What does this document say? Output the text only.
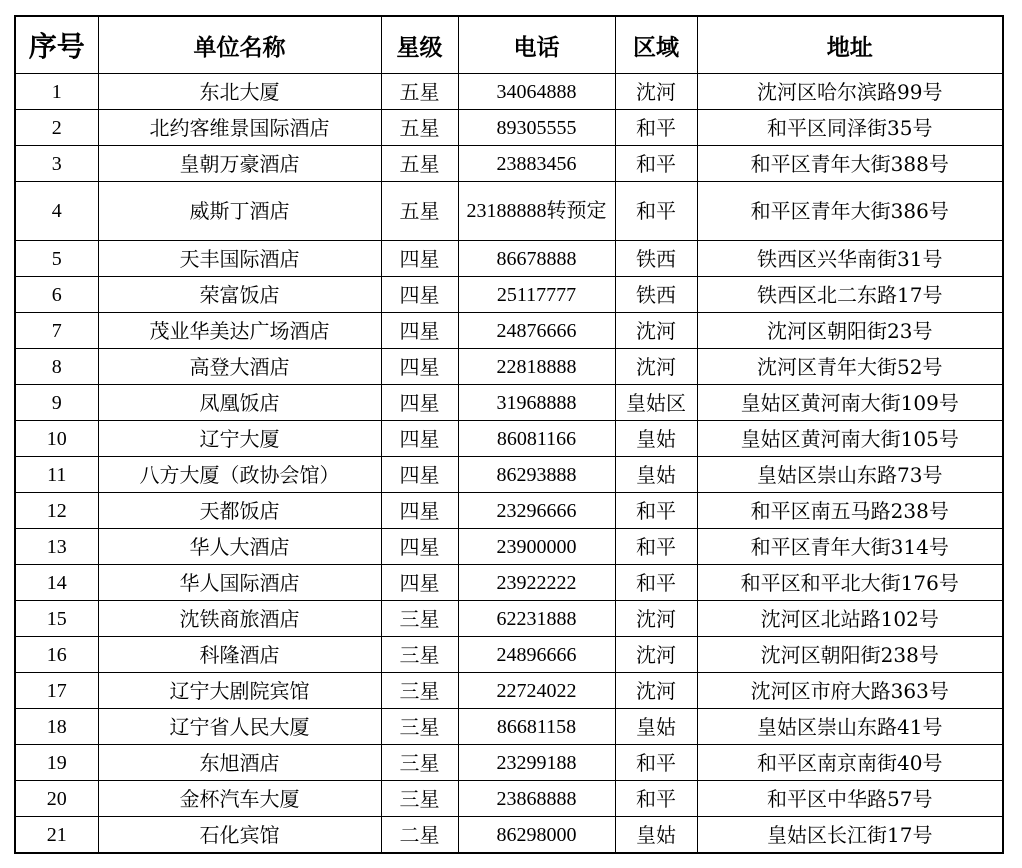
序号	单位名称	星级	电话	区域	地址
1	东北大厦	五星	34064888	沈河	沈河区哈尔滨路99号
2	北约客维景国际酒店	五星	89305555	和平	和平区同泽街35号
3	皇朝万豪酒店	五星	23883456	和平	和平区青年大街388号
4	威斯丁酒店	五星	23188888转预定	和平	和平区青年大街386号
5	天丰国际酒店	四星	86678888	铁西	铁西区兴华南街31号
6	荣富饭店	四星	25117777	铁西	铁西区北二东路17号
7	茂业华美达广场酒店	四星	24876666	沈河	沈河区朝阳街23号
8	高登大酒店	四星	22818888	沈河	沈河区青年大街52号
9	凤凰饭店	四星	31968888	皇姑区	皇姑区黄河南大街109号
10	辽宁大厦	四星	86081166	皇姑	皇姑区黄河南大街105号
11	八方大厦（政协会馆）	四星	86293888	皇姑	皇姑区崇山东路73号
12	天都饭店	四星	23296666	和平	和平区南五马路238号
13	华人大酒店	四星	23900000	和平	和平区青年大街314号
14	华人国际酒店	四星	23922222	和平	和平区和平北大街176号
15	沈铁商旅酒店	三星	62231888	沈河	沈河区北站路102号
16	科隆酒店	三星	24896666	沈河	沈河区朝阳街238号
17	辽宁大剧院宾馆	三星	22724022	沈河	沈河区市府大路363号
18	辽宁省人民大厦	三星	86681158	皇姑	皇姑区崇山东路41号
19	东旭酒店	三星	23299188	和平	和平区南京南街40号
20	金杯汽车大厦	三星	23868888	和平	和平区中华路57号
21	石化宾馆	二星	86298000	皇姑	皇姑区长江街17号
